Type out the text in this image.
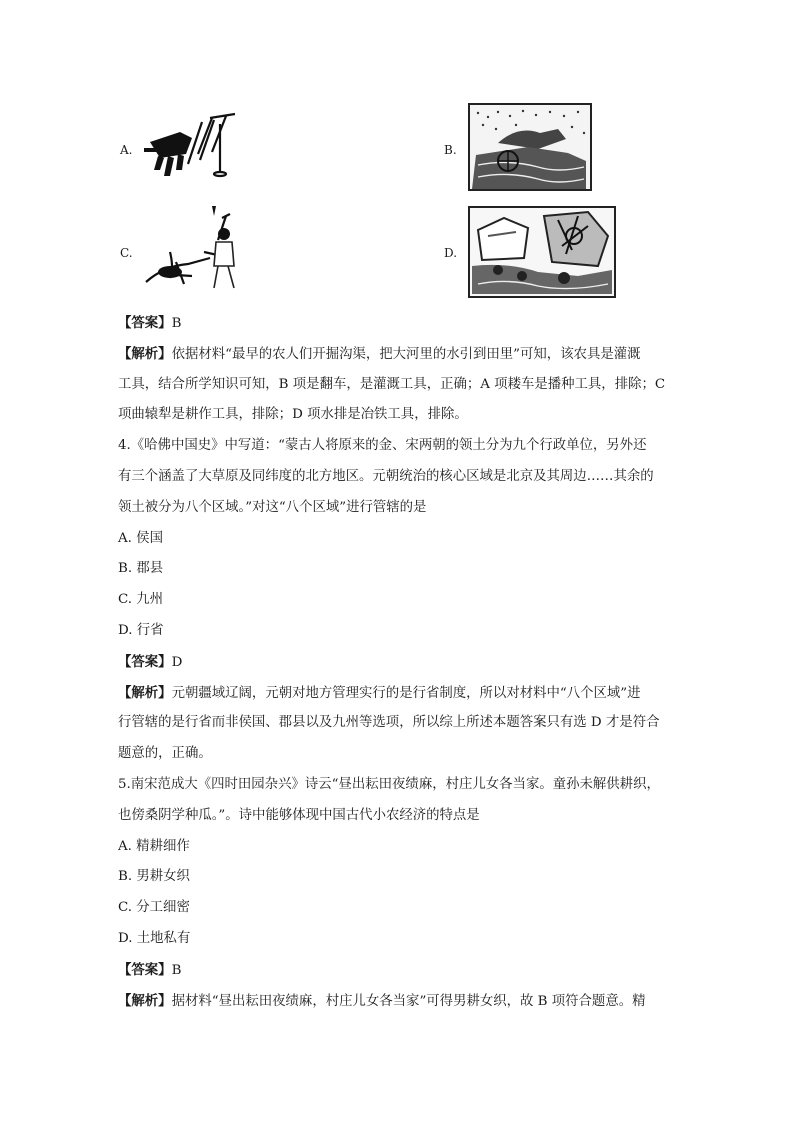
A.	B.
C.	D.
【答案】B
【解析】依据材料“最早的农人们开掘沟渠，把大河里的水引到田里”可知，该农具是灌溉
工具，结合所学知识可知，B 项是翻车，是灌溉工具，正确；A 项耧车是播种工具，排除；C
项曲辕犁是耕作工具，排除；D 项水排是冶铁工具，排除。
4.《哈佛中国史》中写道：“蒙古人将原来的金、宋两朝的领土分为九个行政单位，另外还
有三个涵盖了大草原及同纬度的北方地区。元朝统治的核心区域是北京及其周边……其余的
领土被分为八个区域。”对这“八个区域”进行管辖的是
A. 侯国
B. 郡县
C. 九州
D. 行省
【答案】D
【解析】元朝疆域辽阔，元朝对地方管理实行的是行省制度，所以对材料中“八个区域”进
行管辖的是行省而非侯国、郡县以及九州等选项，所以综上所述本题答案只有选 D 才是符合
题意的，正确。
5.南宋范成大《四时田园杂兴》诗云“昼出耘田夜绩麻，村庄儿女各当家。童孙未解供耕织，
也傍桑阴学种瓜。”。诗中能够体现中国古代小农经济的特点是
A. 精耕细作
B. 男耕女织
C. 分工细密
D. 土地私有
【答案】B
【解析】据材料“昼出耘田夜绩麻，村庄儿女各当家”可得男耕女织，故 B 项符合题意。精
